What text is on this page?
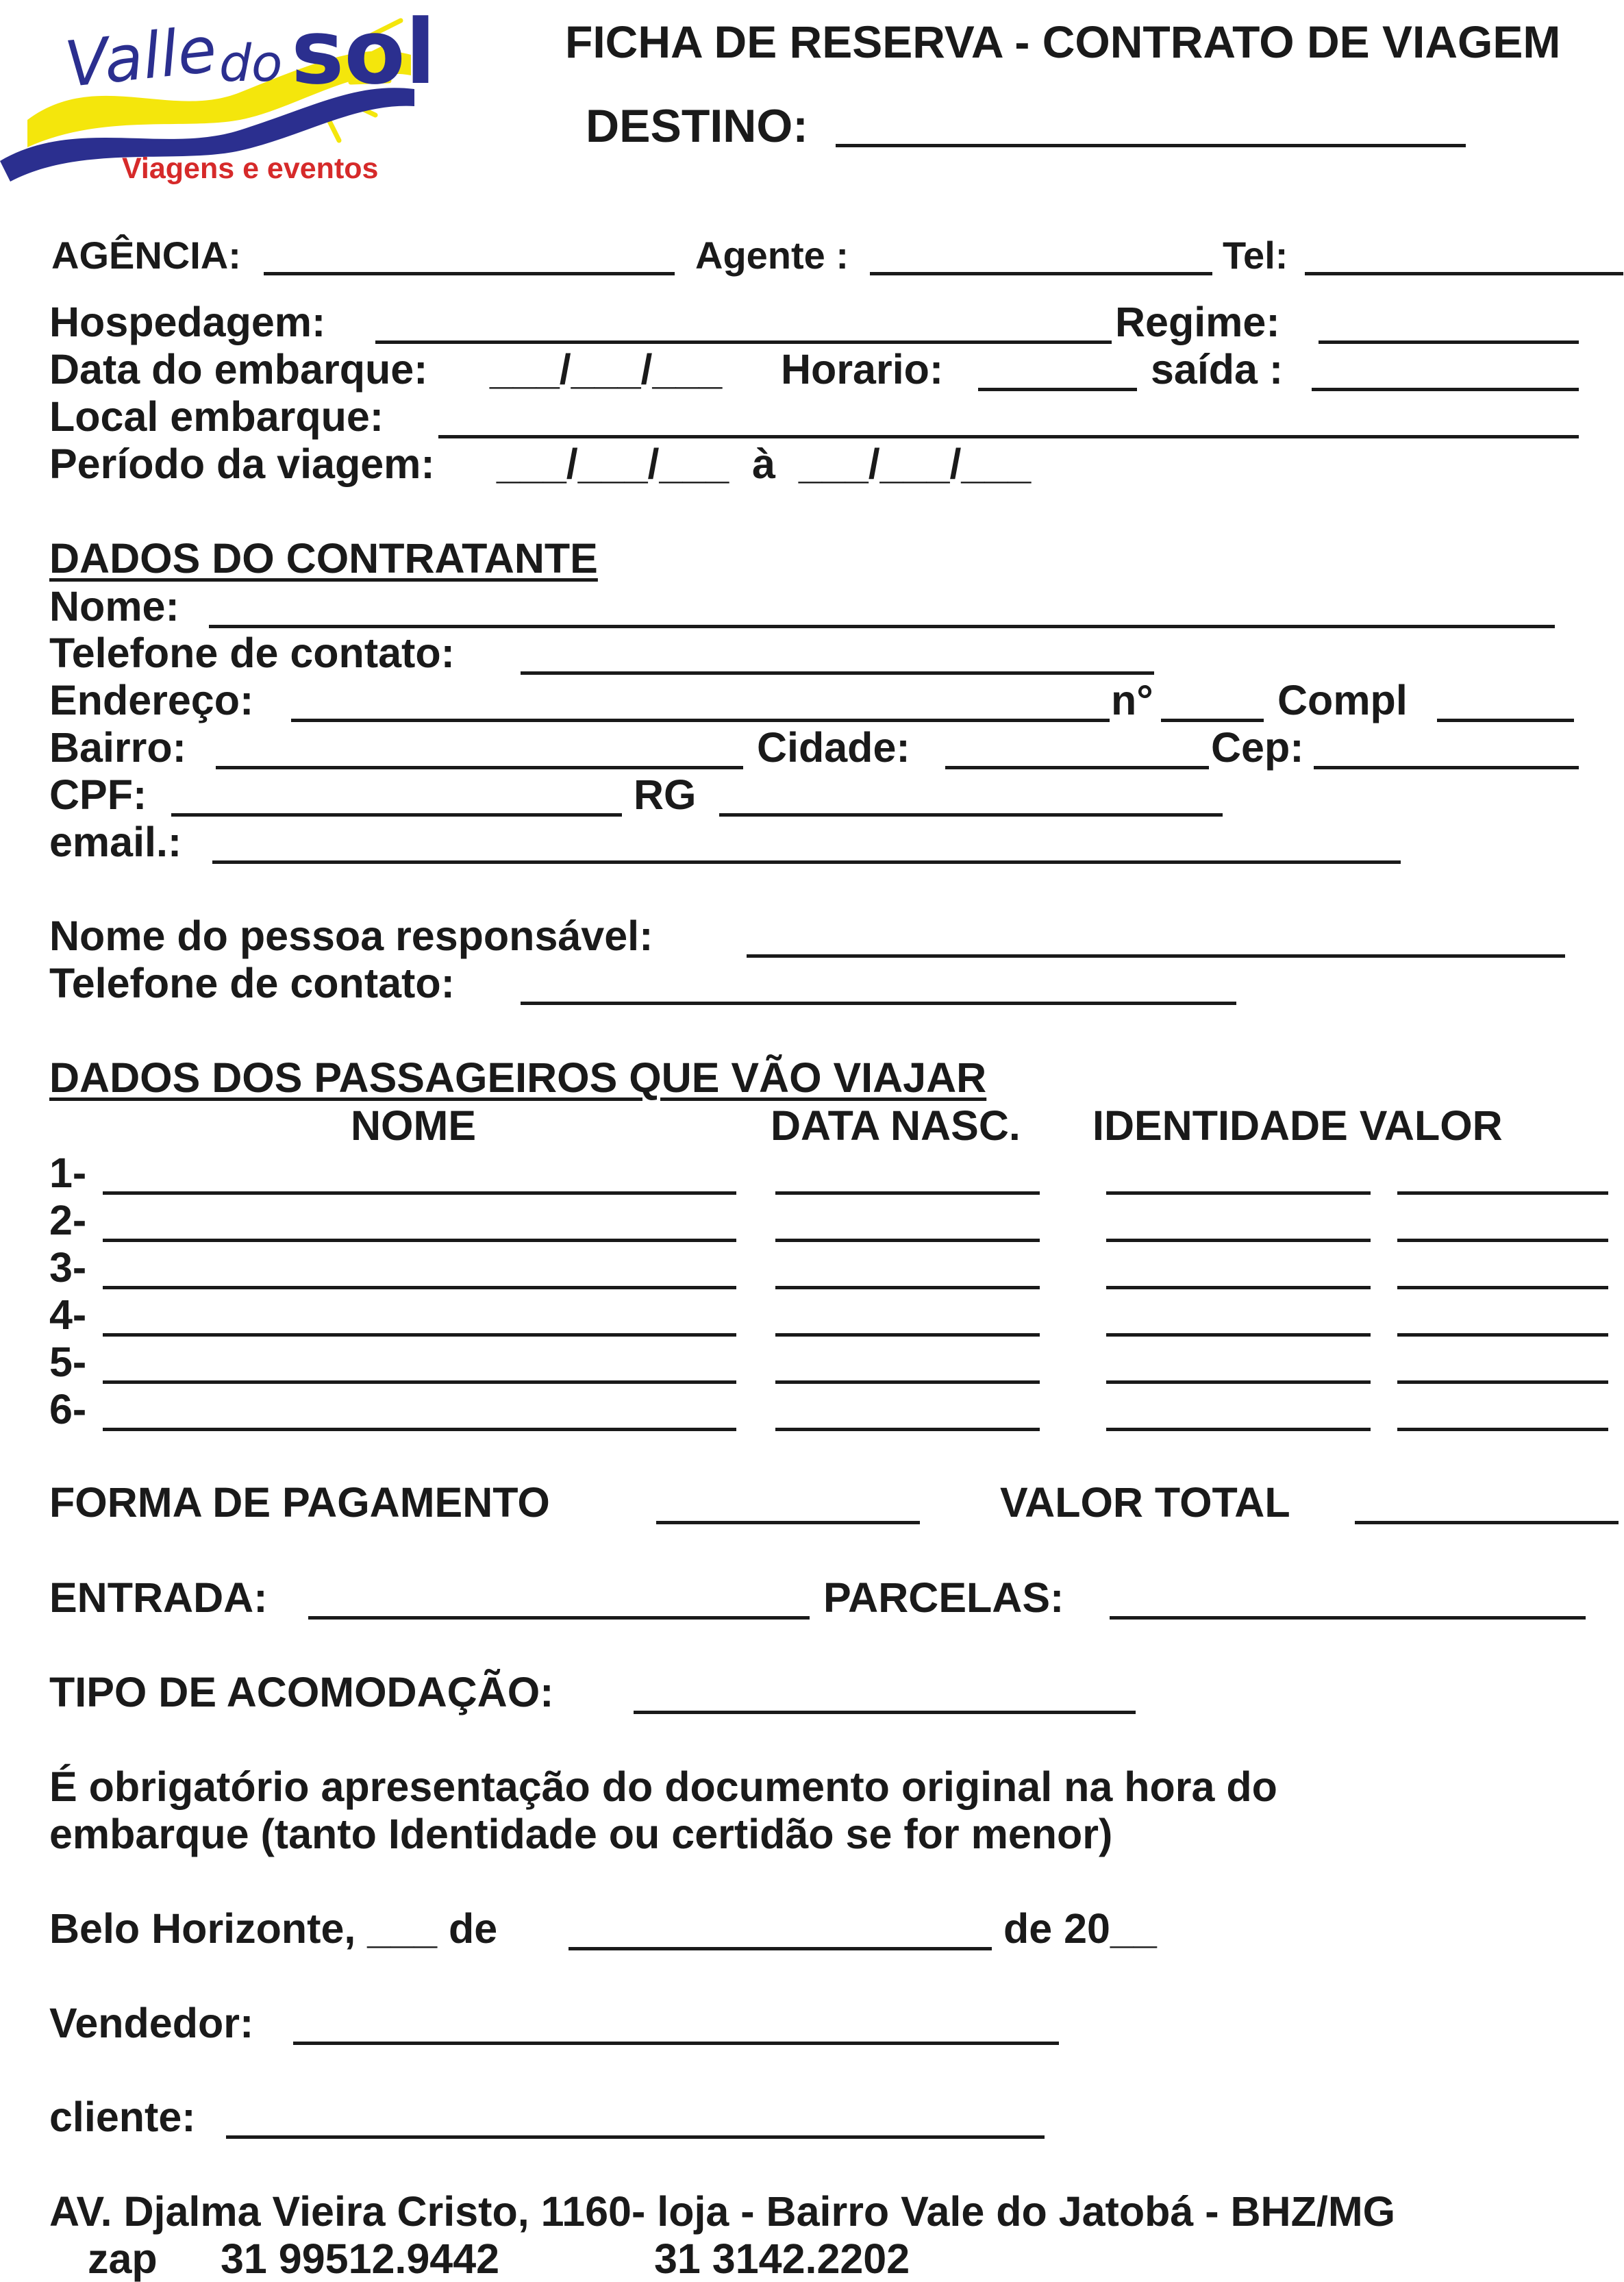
Valle
do sol
Viagens e eventos
FICHA DE RESERVA - CONTRATO DE VIAGEM
DESTINO:
AGÊNCIA:	Agente :	Tel:
Hospedagem:	Regime:
Data do embarque: ___/___/___ Horario:	saída :
Local embarque:
Período da viagem: ___/___/___  à  ___/___/___
DADOS DO CONTRATANTE
Nome:
Telefone de contato:
Endereço:	n°	Compl
Bairro:	Cidade:	Cep:
CPF:	RG
email.:
Nome do pessoa responsável:
Telefone de contato:
DADOS DOS PASSAGEIROS QUE VÃO VIAJAR
NOME	DATA NASC. IDENTIDADE VALOR
1-
2-
3-
4-
5-
6-
FORMA DE PAGAMENTO	VALOR TOTAL
ENTRADA:	PARCELAS:
TIPO DE ACOMODAÇÃO:
É obrigatório apresentação do documento original na hora do
embarque (tanto Identidade ou certidão se for menor)
Belo Horizonte, ___ de	de 20__
Vendedor:
cliente:
AV. Djalma Vieira Cristo, 1160- loja - Bairro Vale do Jatobá - BHZ/MG
zap 31 99512.9442	31 3142.2202
